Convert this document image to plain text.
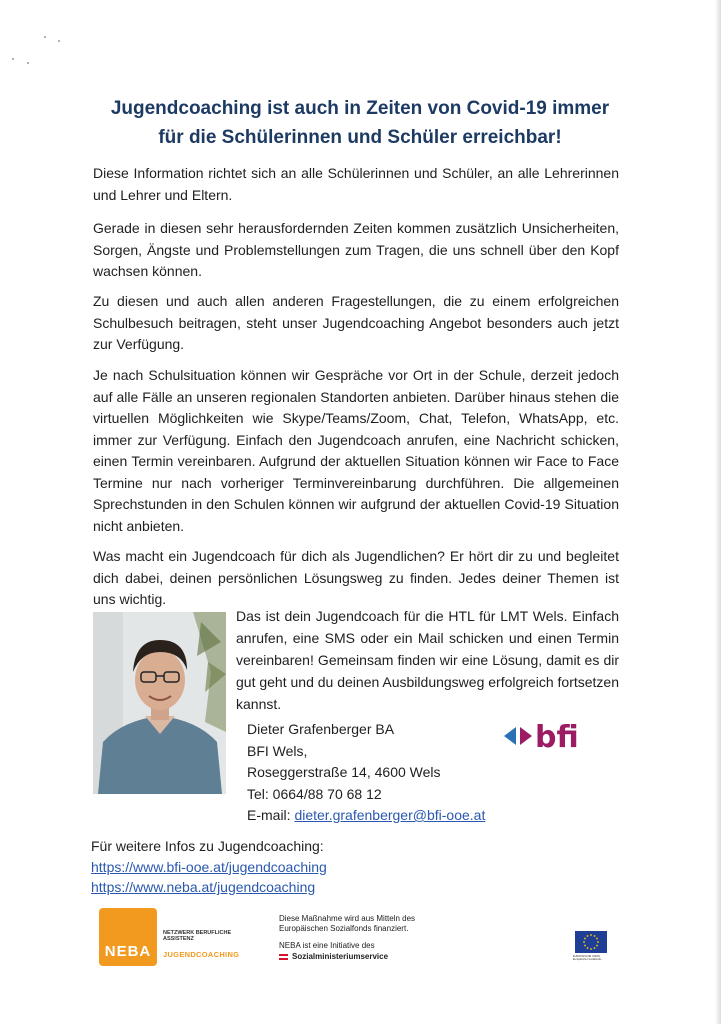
Jugendcoaching ist auch in Zeiten von Covid-19 immer
für die Schülerinnen und Schüler erreichbar!

Diese Information richtet sich an alle Schülerinnen und Schüler, an alle Lehrerinnen und Lehrer und Eltern.

Gerade in diesen sehr herausfordernden Zeiten kommen zusätzlich Unsicherheiten, Sorgen, Ängste und Problemstellungen zum Tragen, die uns schnell über den Kopf wachsen können.

Zu diesen und auch allen anderen Fragestellungen, die zu einem erfolgreichen Schulbesuch beitragen, steht unser Jugendcoaching Angebot besonders auch jetzt zur Verfügung.

Je nach Schulsituation können wir Gespräche vor Ort in der Schule, derzeit jedoch auf alle Fälle an unseren regionalen Standorten anbieten. Darüber hinaus stehen die virtuellen Möglichkeiten wie Skype/Teams/Zoom, Chat, Telefon, WhatsApp, etc. immer zur Verfügung. Einfach den Jugendcoach anrufen, eine Nachricht schicken, einen Termin vereinbaren. Aufgrund der aktuellen Situation können wir Face to Face Termine nur nach vorheriger Terminvereinbarung durchführen. Die allgemeinen Sprechstunden in den Schulen können wir aufgrund der aktuellen Covid-19 Situation nicht anbieten.

Was macht ein Jugendcoach für dich als Jugendlichen? Er hört dir zu und begleitet dich dabei, deinen persönlichen Lösungsweg zu finden. Jedes deiner Themen ist uns wichtig.

Das ist dein Jugendcoach für die HTL für LMT Wels. Einfach anrufen, eine SMS oder ein Mail schicken und einen Termin vereinbaren! Gemeinsam finden wir eine Lösung, damit es dir gut geht und du deinen Ausbildungsweg erfolgreich fortsetzen kannst.

Dieter Grafenberger BA
BFI Wels,
Roseggerstraße 14, 4600 Wels
Tel: 0664/88 70 68 12
E-mail: dieter.grafenberger@bfi-ooe.at
bfi
Für weitere Infos zu Jugendcoaching:
https://www.bfi-ooe.at/jugendcoaching
https://www.neba.at/jugendcoaching
NEBA
NETZWERK BERUFLICHE ASSISTENZ
JUGENDCOACHING
Diese Maßnahme wird aus Mitteln des Europäischen Sozialfonds finanziert.
NEBA ist eine Initiative des
Sozialministeriumservice	EUROPÄISCHE UNION Europäischer Sozialfonds
